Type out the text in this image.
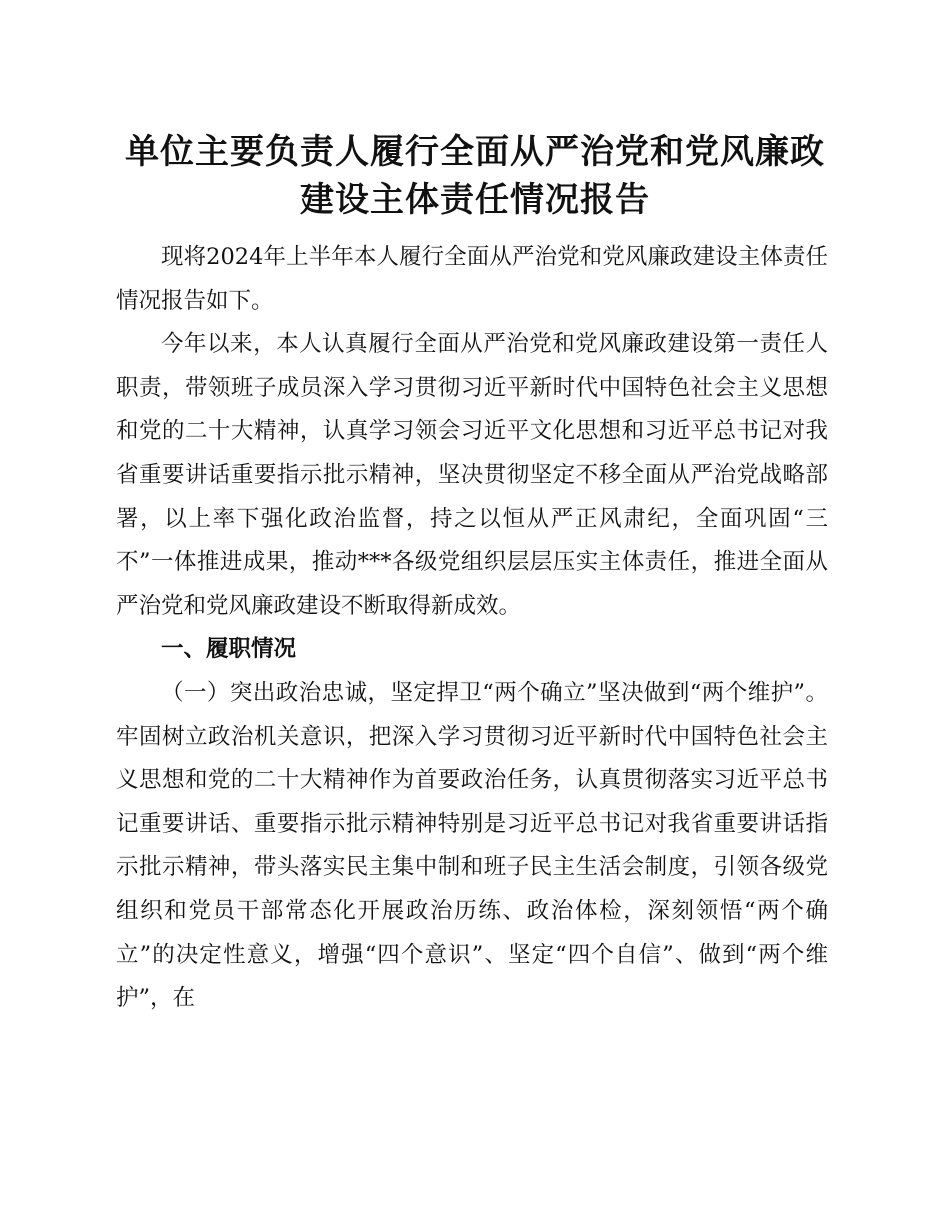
单位主要负责人履行全面从严治党和党风廉政
建设主体责任情况报告

现将2024年上半年本人履行全面从严治党和党风廉政建设主体责任情况报告如下。

今年以来，本人认真履行全面从严治党和党风廉政建设第一责任人职责，带领班子成员深入学习贯彻习近平新时代中国特色社会主义思想和党的二十大精神，认真学习领会习近平文化思想和习近平总书记对我省重要讲话重要指示批示精神，坚决贯彻坚定不移全面从严治党战略部署，以上率下强化政治监督，持之以恒从严正风肃纪，全面巩固“三不”一体推进成果，推动***各级党组织层层压实主体责任，推进全面从严治党和党风廉政建设不断取得新成效。

一、履职情况

（一）突出政治忠诚，坚定捍卫“两个确立”坚决做到“两个维护”。牢固树立政治机关意识，把深入学习贯彻习近平新时代中国特色社会主义思想和党的二十大精神作为首要政治任务，认真贯彻落实习近平总书记重要讲话、重要指示批示精神特别是习近平总书记对我省重要讲话指示批示精神，带头落实民主集中制和班子民主生活会制度，引领各级党组织和党员干部常态化开展政治历练、政治体检，深刻领悟“两个确立”的决定性意义，增强“四个意识”、坚定“四个自信”、做到“两个维护”，在
